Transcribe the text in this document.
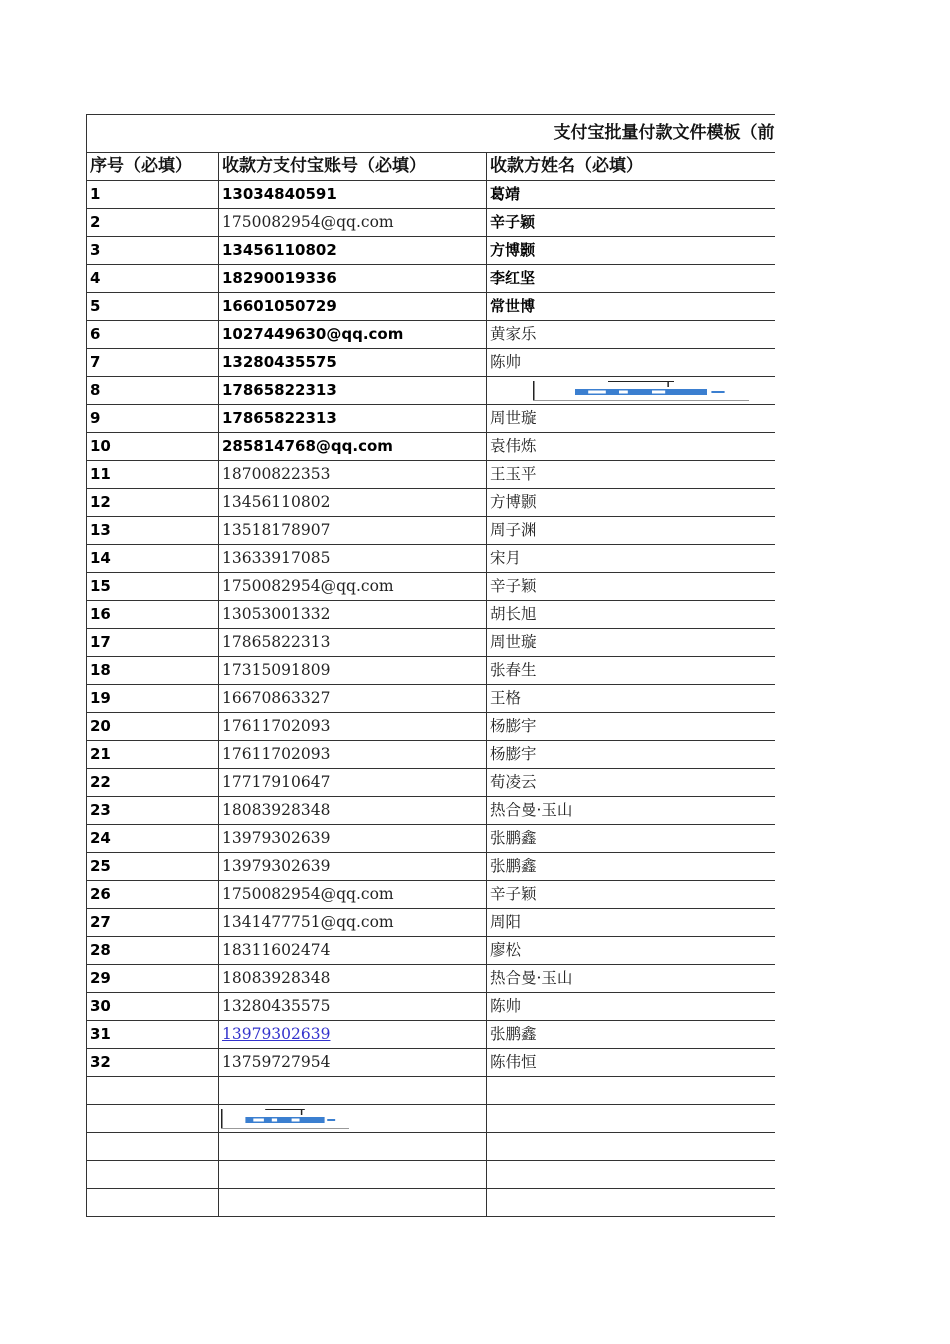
支付宝批量付款文件模板（前		
序号（必填）	收款方支付宝账号（必填）	收款方姓名（必填）
1	13034840591	葛靖
2	1750082954@qq.com	辛子颖
3	13456110802	方博颢
4	18290019336	李红坚
5	16601050729	常世博
6	1027449630@qq.com	黄家乐
7	13280435575	陈帅
8	17865822313	
9	17865822313	周世璇
10	285814768@qq.com	袁伟炼
11	18700822353	王玉平
12	13456110802	方博颢
13	13518178907	周子渊
14	13633917085	宋月
15	1750082954@qq.com	辛子颖
16	13053001332	胡长旭
17	17865822313	周世璇
18	17315091809	张春生
19	16670863327	王格
20	17611702093	杨膨宇
21	17611702093	杨膨宇
22	17717910647	荀凌云
23	18083928348	热合曼·玉山
24	13979302639	张鹏鑫
25	13979302639	张鹏鑫
26	1750082954@qq.com	辛子颖
27	1341477751@qq.com	周阳
28	18311602474	廖松
29	18083928348	热合曼·玉山
30	13280435575	陈帅
31	13979302639	张鹏鑫
32	13759727954	陈伟恒
